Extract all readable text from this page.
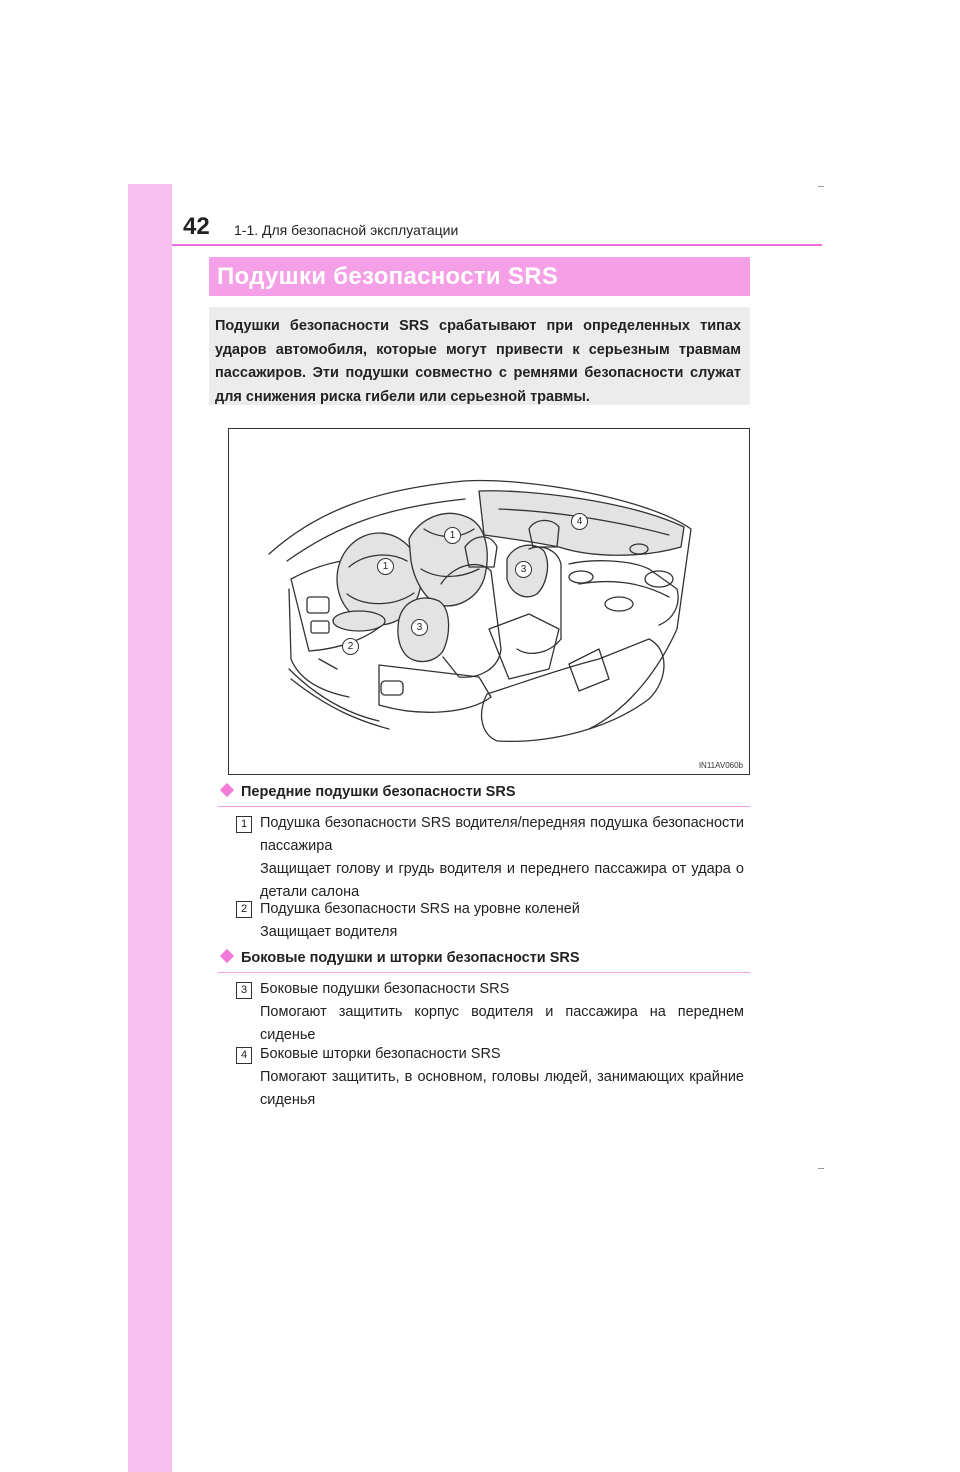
42 1-1. Для безопасной эксплуатации
Подушки безопасности SRS
Подушки безопасности SRS срабатывают при определенных типах ударов автомобиля, которые могут привести к серьезным травмам пассажиров. Эти подушки совместно с ремнями безопасности служат для снижения риска гибели или серьезной травмы.
1
1
2
3
3
4
IN11AV060b
Передние подушки безопасности SRS
1 Подушка безопасности SRS водителя/передняя подушка безопасности пассажира
Защищает голову и грудь водителя и переднего пассажира от удара о детали салона
2 Подушка безопасности SRS на уровне коленей
Защищает водителя
Боковые подушки и шторки безопасности SRS
3 Боковые подушки безопасности SRS
Помогают защитить корпус водителя и пассажира на переднем сиденье
4 Боковые шторки безопасности SRS
Помогают защитить, в основном, головы людей, занимающих крайние сиденья
